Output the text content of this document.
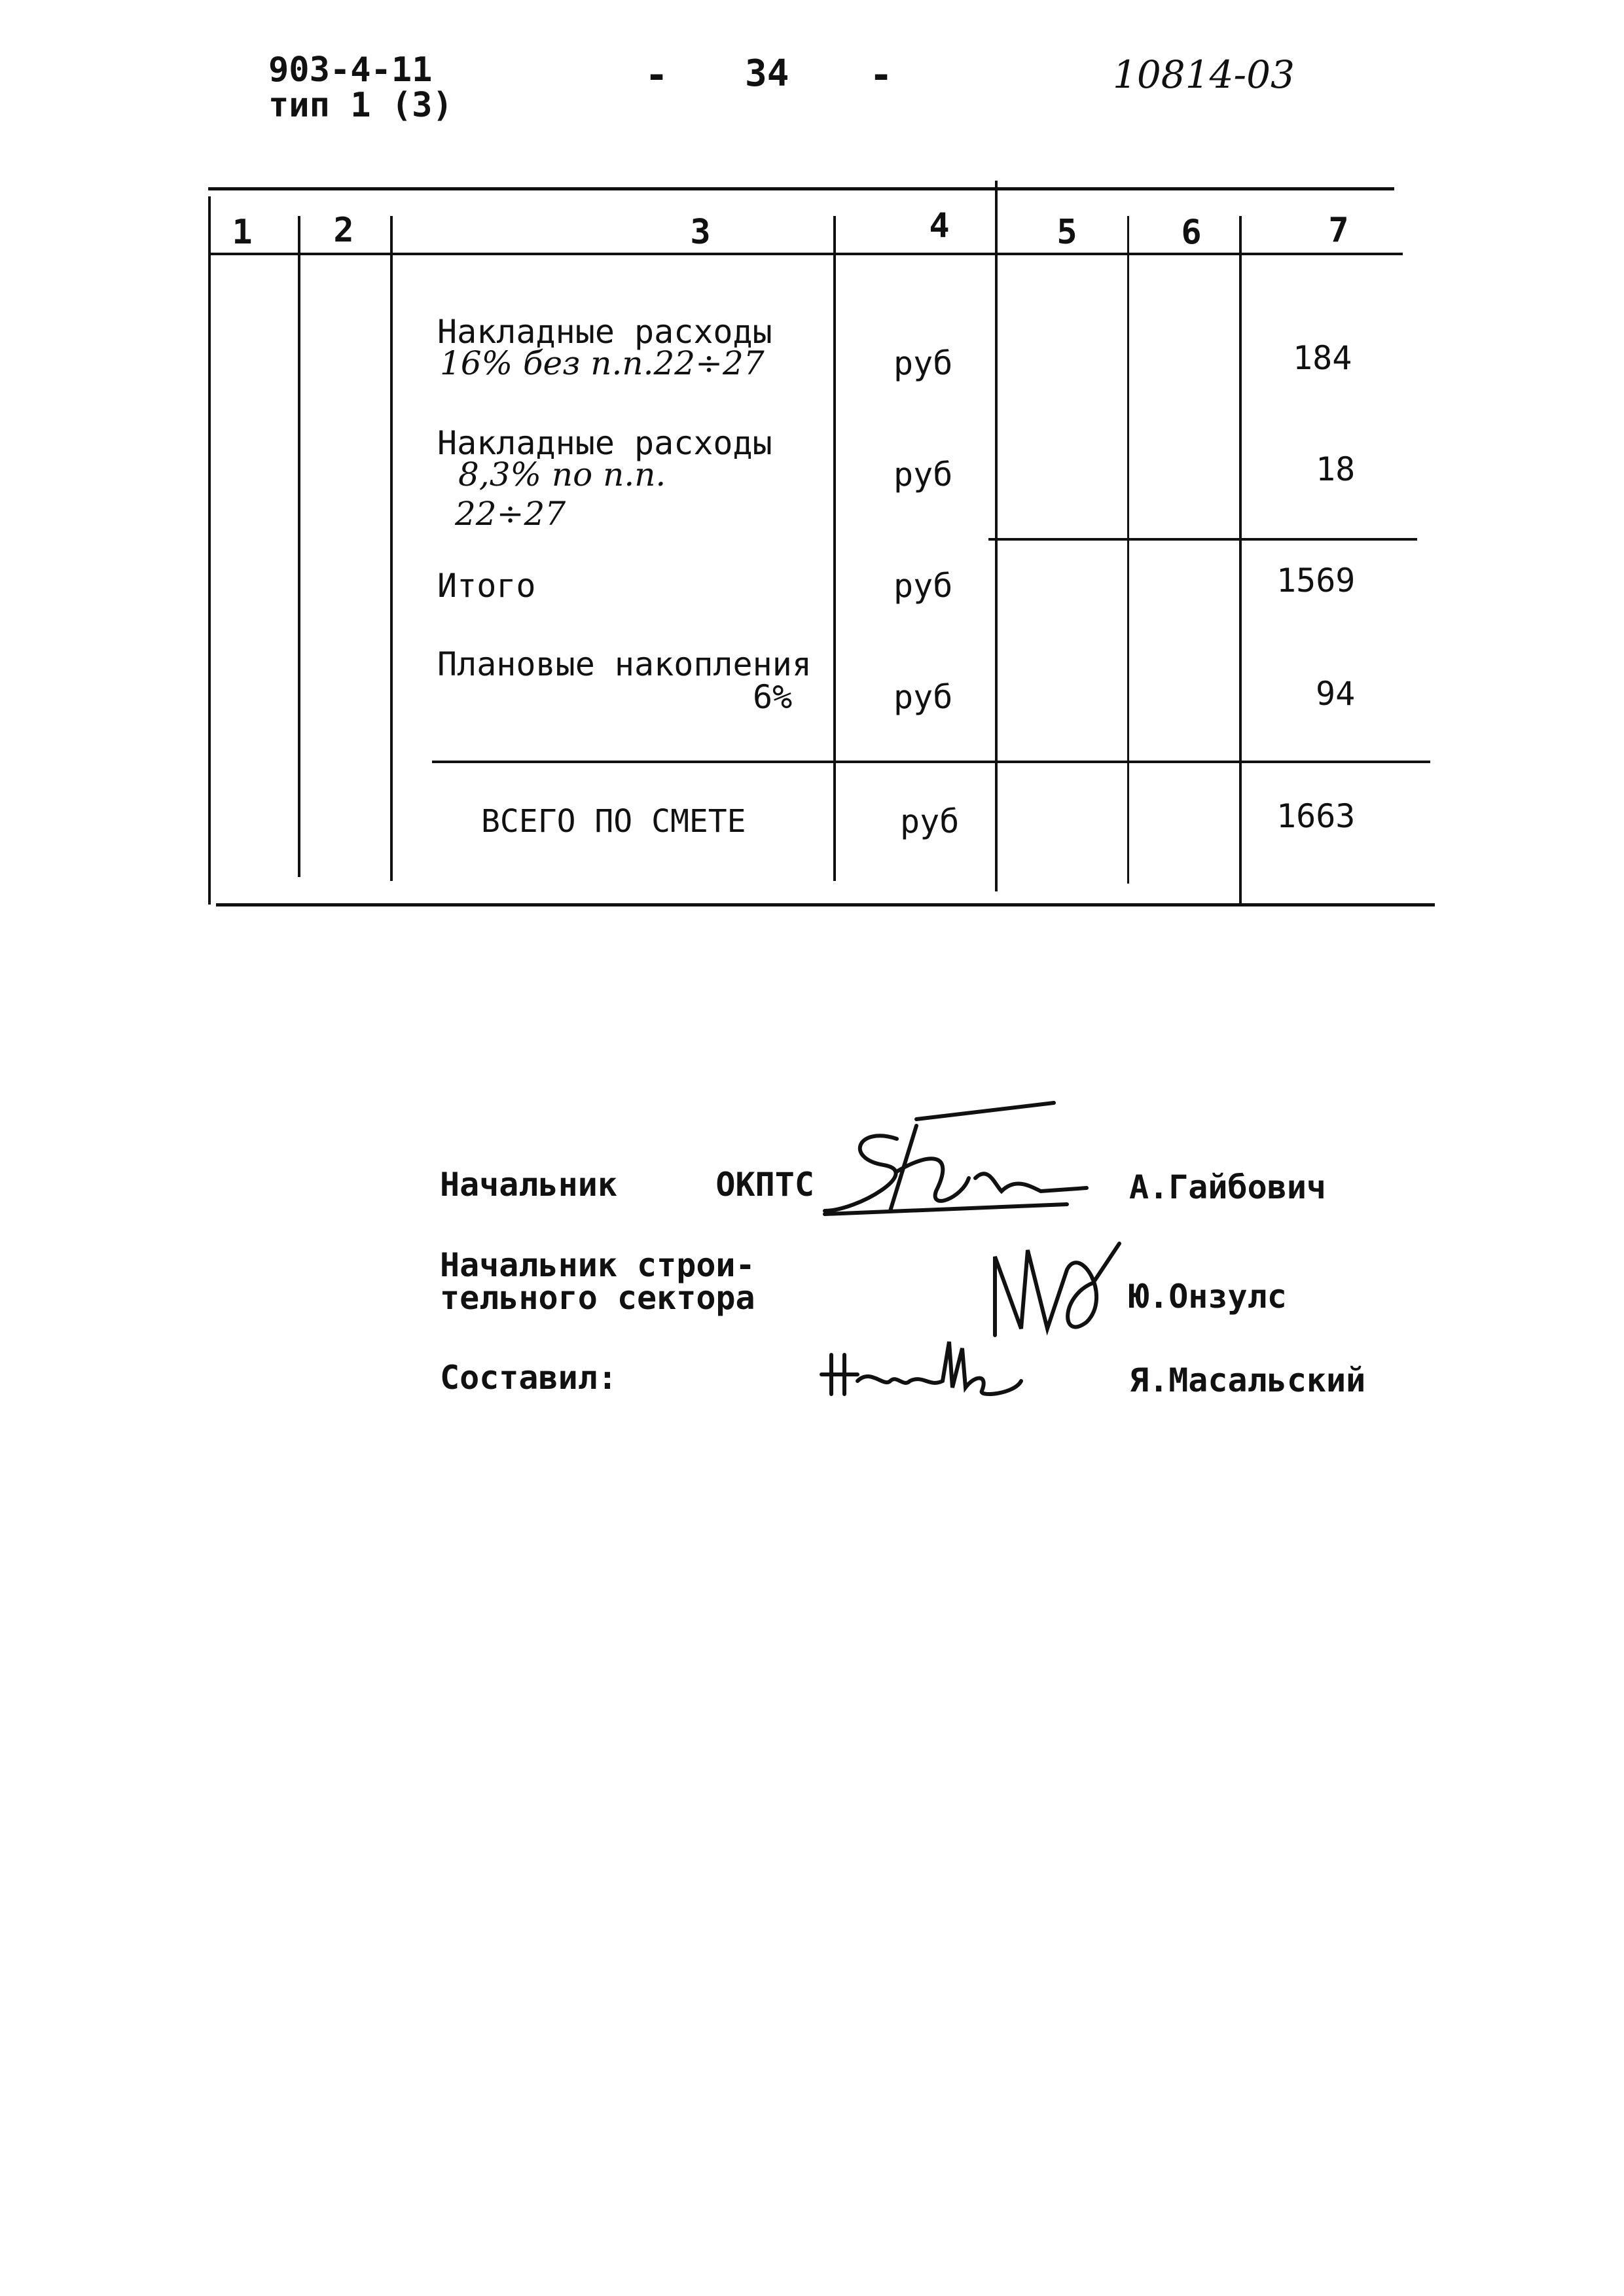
903-4-11
тип 1 (3)
- 34 -	10814-03
1 2	3	4	5	6	7
Накладные расходы
16% без п.п.22÷27	руб	184
Накладные расходы
8,3% по п.п.
22÷27
руб	18
Итого	руб	1569
Плановые накопления
6%	руб	94
ВСЕГО ПО СМЕТЕ	руб	1663
Начальник     ОКПТС	А.Гайбович
Начальник строи-
тельного сектора	Ю.Онзулс
Составил:	Я.Масальский
